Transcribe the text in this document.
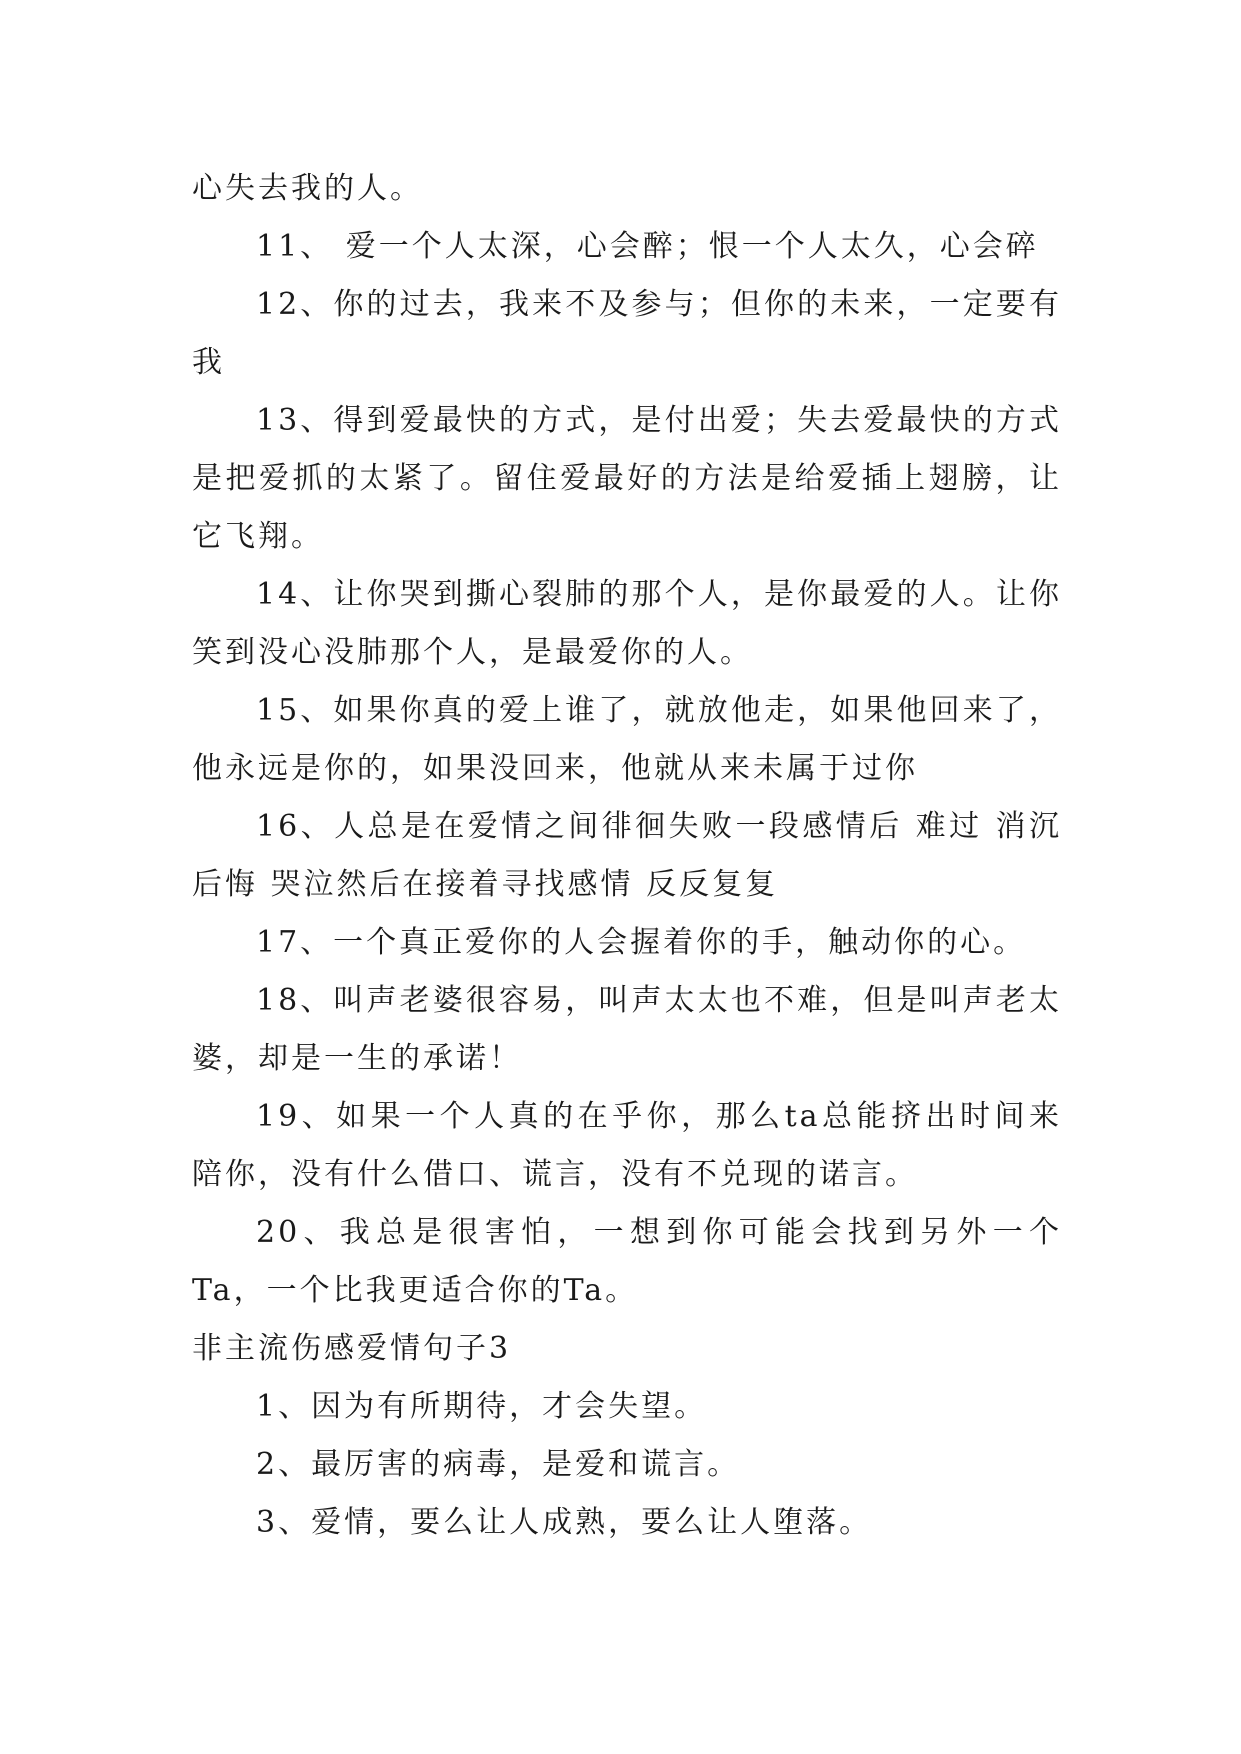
心失去我的人。

11、 爱一个人太深，心会醉；恨一个人太久，心会碎

12、你的过去，我来不及参与；但你的未来，一定要有我

13、得到爱最快的方式，是付出爱；失去爱最快的方式是把爱抓的太紧了。留住爱最好的方法是给爱插上翅膀，让它飞翔。

14、让你哭到撕心裂肺的那个人，是你最爱的人。让你笑到没心没肺那个人，是最爱你的人。

15、如果你真的爱上谁了，就放他走，如果他回来了，他永远是你的，如果没回来，他就从来未属于过你

16、人总是在爱情之间徘徊失败一段感情后 难过 消沉 后悔 哭泣然后在接着寻找感情 反反复复

17、一个真正爱你的人会握着你的手，触动你的心。

18、叫声老婆很容易，叫声太太也不难，但是叫声老太婆，却是一生的承诺！

19、如果一个人真的在乎你，那么ta总能挤出时间来陪你，没有什么借口、谎言，没有不兑现的诺言。

20、我总是很害怕，一想到你可能会找到另外一个Ta，一个比我更适合你的Ta。

非主流伤感爱情句子3

1、因为有所期待，才会失望。

2、最厉害的病毒，是爱和谎言。

3、爱情，要么让人成熟，要么让人堕落。
